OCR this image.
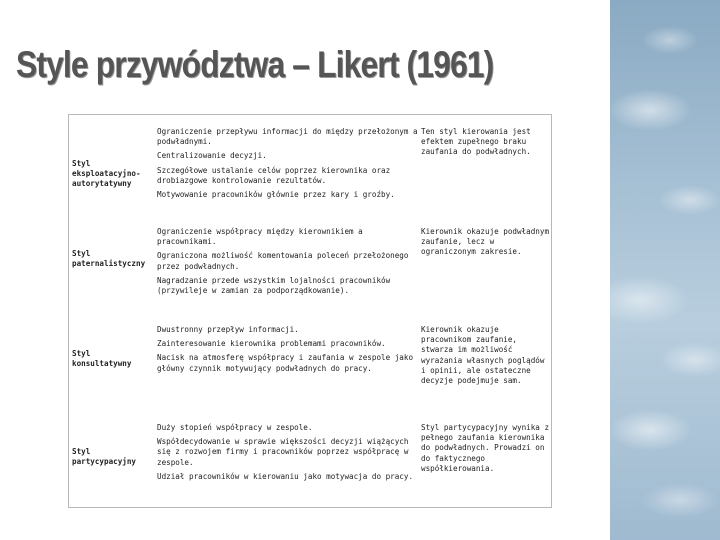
Style przywództwa – Likert (1961)
Styl
eksploatacyjno-
autorytatywny
Ograniczenie przepływu informacji do między przełożonym a podwładnymi.
Centralizowanie decyzji.
Szczegółowe ustalanie celów poprzez kierownika oraz drobiazgowe kontrolowanie rezultatów.
Motywowanie pracowników głównie przez kary i groźby.
Ten styl kierowania jest efektem zupełnego braku zaufania do podwładnych.
Styl
paternalistyczny
Ograniczenie współpracy między kierownikiem a pracownikami.
Ograniczona możliwość komentowania poleceń przełożonego przez podwładnych.
Nagradzanie przede wszystkim lojalności pracowników (przywileje w zamian za podporządkowanie).
Kierownik okazuje podwładnym zaufanie, lecz w ograniczonym zakresie.
Styl
konsultatywny
Dwustronny przepływ informacji.
Zainteresowanie kierownika problemami pracowników.
Nacisk na atmosferę współpracy i zaufania w zespole jako główny czynnik motywujący podwładnych do pracy.
Kierownik okazuje pracownikom zaufanie, stwarza im możliwość wyrażania własnych poglądów i opinii, ale ostateczne decyzje podejmuje sam.
Styl
partycypacyjny
Duży stopień współpracy w zespole.
Współdecydowanie w sprawie większości decyzji wiążących się z rozwojem firmy i pracowników poprzez współpracę w zespole.
Udział pracowników w kierowaniu jako motywacja do pracy.
Styl partycypacyjny wynika z pełnego zaufania kierownika do podwładnych. Prowadzi on do faktycznego współkierowania.
